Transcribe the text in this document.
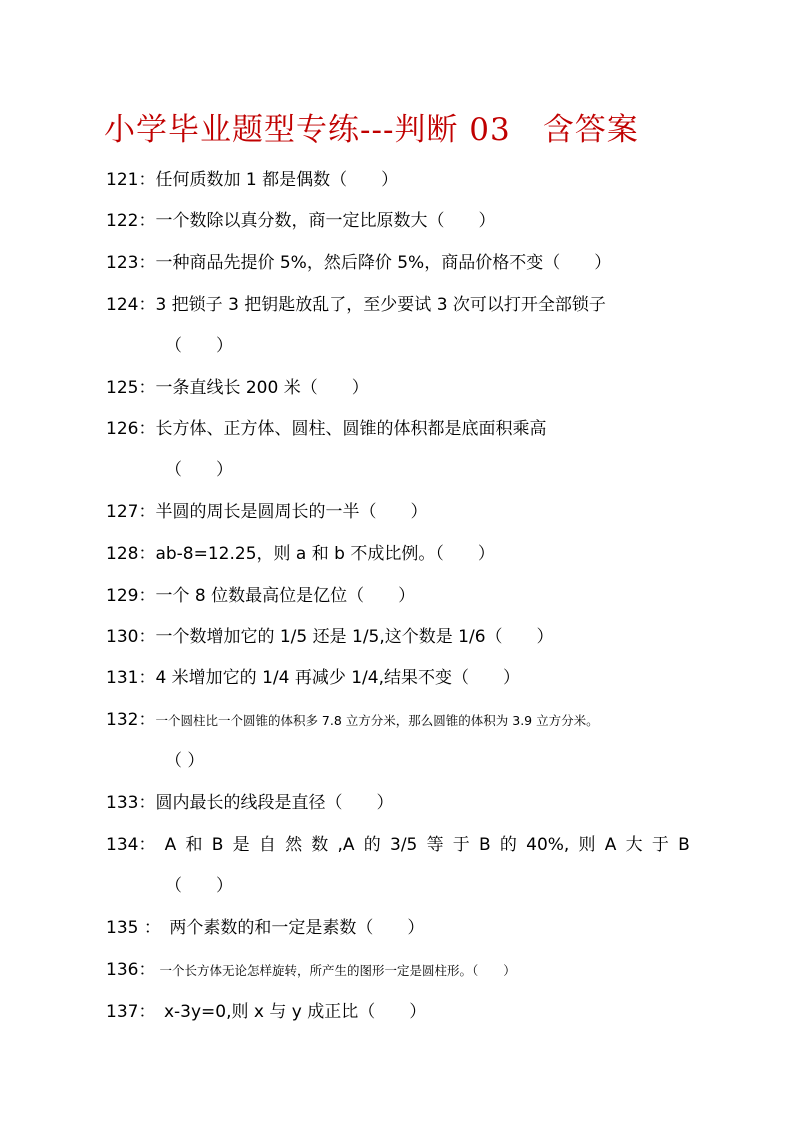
小学毕业题型专练---判断 03　含答案
121：任何质数加 1 都是偶数（　　）
122：一个数除以真分数，商一定比原数大（　　）
123：一种商品先提价 5%，然后降价 5%，商品价格不变（　　）
124：3 把锁子 3 把钥匙放乱了，至少要试 3 次可以打开全部锁子
（　　）
125：一条直线长 200 米（　　）
126：长方体、正方体、圆柱、圆锥的体积都是底面积乘高
（　　）
127：半圆的周长是圆周长的一半（　　）
128：ab-8=12.25，则 a 和 b 不成比例。（　　）
129：一个 8 位数最高位是亿位（　　）
130：一个数增加它的 1/5 还是 1/5,这个数是 1/6（　　）
131：4 米增加它的 1/4 再减少 1/4,结果不变（　　）
132：一个圆柱比一个圆锥的体积多 7.8 立方分米，那么圆锥的体积为 3.9 立方分米。
（ ）
133：圆内最长的线段是直径（　　）
134： A 和 B 是 自 然 数 ,A 的 3/5 等 于 B 的 40%, 则 A 大 于 B
（　　）
135 ：　两个素数的和一定是素数（　　）
136：　一个长方体无论怎样旋转，所产生的图形一定是圆柱形。（　　）
137：　x-3y=0,则 x 与 y 成正比（　　）
